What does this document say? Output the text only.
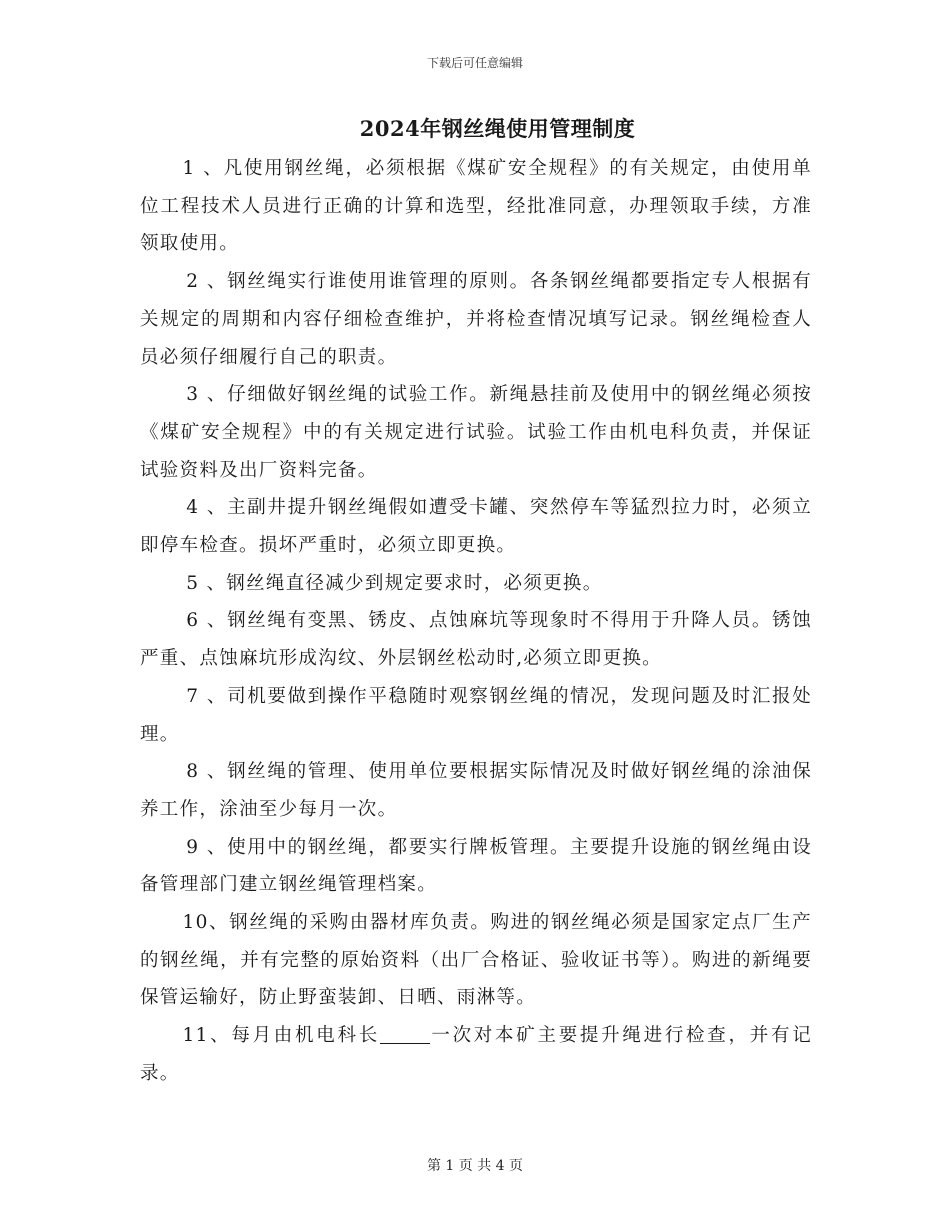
下载后可任意编辑
2024年钢丝绳使用管理制度

1 、凡使用钢丝绳，必须根据《煤矿安全规程》的有关规定，由使用单位工程技术人员进行正确的计算和选型，经批准同意，办理领取手续，方准领取使用。

2 、钢丝绳实行谁使用谁管理的原则。各条钢丝绳都要指定专人根据有关规定的周期和内容仔细检查维护，并将检查情况填写记录。钢丝绳检查人员必须仔细履行自己的职责。

3 、仔细做好钢丝绳的试验工作。新绳悬挂前及使用中的钢丝绳必须按《煤矿安全规程》中的有关规定进行试验。试验工作由机电科负责，并保证试验资料及出厂资料完备。

4 、主副井提升钢丝绳假如遭受卡罐、突然停车等猛烈拉力时，必须立即停车检查。损坏严重时，必须立即更换。

5 、钢丝绳直径减少到规定要求时，必须更换。

6 、钢丝绳有变黑、锈皮、点蚀麻坑等现象时不得用于升降人员。锈蚀严重、点蚀麻坑形成沟纹、外层钢丝松动时,必须立即更换。

7 、司机要做到操作平稳随时观察钢丝绳的情况，发现问题及时汇报处理。

8 、钢丝绳的管理、使用单位要根据实际情况及时做好钢丝绳的涂油保养工作，涂油至少每月一次。

9 、使用中的钢丝绳，都要实行牌板管理。主要提升设施的钢丝绳由设备管理部门建立钢丝绳管理档案。

10、钢丝绳的采购由器材库负责。购进的钢丝绳必须是国家定点厂生产的钢丝绳，并有完整的原始资料（出厂合格证、验收证书等）。购进的新绳要保管运输好，防止野蛮装卸、日晒、雨淋等。

11、每月由机电科长	一次对本矿主要提升绳进行检查，并有记录。

第 1 页 共 4 页
